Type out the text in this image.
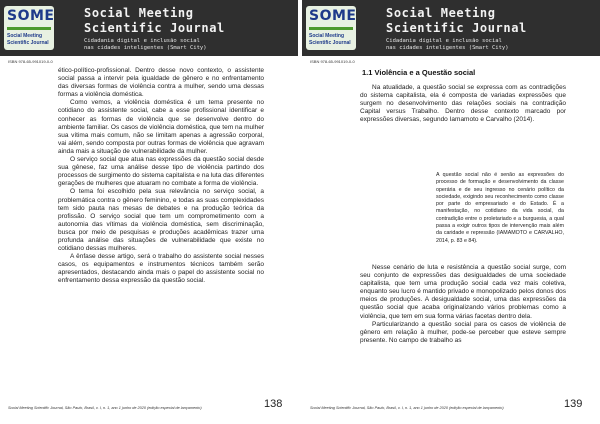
SOME
Social Meeting
Scientific Journal
Social Meeting
Scientific Journal
Cidadania digital e inclusão social
nas cidades inteligentes (Smart City)
ISBN 978-65-991019-0-0

ético-político-profissional. Dentro desse novo contexto, o assistente social passa a intervir pela igualdade de gênero e no enfrentamento das diversas formas de violência contra a mulher, sendo uma dessas formas a violência doméstica.

Como vemos, a violência doméstica é um tema presente no cotidiano do assistente social, cabe a esse profissional identificar e conhecer as formas de violência que se desenvolve dentro do ambiente familiar. Os casos de violência doméstica, que tem na mulher sua vítima mais comum, não se limitam apenas a agressão corporal, vai além, sendo composta por outras formas de violência que agravam ainda mais a situação de vulnerabilidade da mulher.

O serviço social que atua nas expressões da questão social desde sua gênese, faz uma análise desse tipo de violência partindo dos processos de surgimento do sistema capitalista e na luta das diferentes gerações de mulheres que atuaram no combate a forma de violência.

O tema foi escolhido pela sua relevância no serviço social, a problemática contra o gênero feminino, e todas as suas complexidades tem sido pauta nas mesas de debates e na produção teórica da profissão. O serviço social que tem um comprometimento com a autonomia das vítimas da violência doméstica, sem discriminação, busca por meio de pesquisas e produções acadêmicas trazer uma profunda análise das situações de vulnerabilidade que existe no cotidiano dessas mulheres.

A ênfase desse artigo, será o trabalho do assistente social nesses casos, os equipamentos e instrumentos técnicos também serão apresentados, destacando ainda mais o papel do assistente social no enfrentamento dessa expressão da questão social.

Social Meeting Scientific Journal, São Paulo, Brasil, v. I, n. 1, ano 1 junho de 2020 (edição especial de lançamento)	138
SOME
Social Meeting
Scientific Journal
Social Meeting
Scientific Journal
Cidadania digital e inclusão social
nas cidades inteligentes (Smart City)
ISBN 978-65-991019-0-0
1.1 Violência e a Questão social

Na atualidade, a questão social se expressa com as contradições do sistema capitalista, ela é composta de variadas expressões que surgem no desenvolvimento das relações sociais na contradição Capital versus Trabalho. Dentro desse contexto marcado por expressões diversas, segundo Iamamoto e Carvalho (2014).

A questão social não é senão as expressões do processo de formação e desenvolvimento da classe operária e de seu ingresso no cenário político da sociedade, exigindo seu reconhecimento como classe por parte do empresariado e do Estado. É a manifestação, no cotidiano da vida social, da contradição entre o proletariado e a burguesia, a qual passa a exigir outros tipos de intervenção mais além da caridade e repressão (IAMAMOTO e CARVALHO, 2014, p. 83 e 84).

Nesse cenário de luta e resistência a questão social surge, com seu conjunto de expressões das desigualdades de uma sociedade capitalista, que tem uma produção social cada vez mais coletiva, enquanto seu lucro é mantido privado e monopolizado pelos donos dos meios de produções. A desigualdade social, uma das expressões da questão social que acaba originalizando vários problemas como a violência, que tem em sua forma várias facetas dentro dela.

Particularizando a questão social para os casos de violência de gênero em relação à mulher, pode-se perceber que esteve sempre presente. No campo de trabalho as

Social Meeting Scientific Journal, São Paulo, Brasil, v. I, n. 1, ano 1 junho de 2020 (edição especial de lançamento)	139
